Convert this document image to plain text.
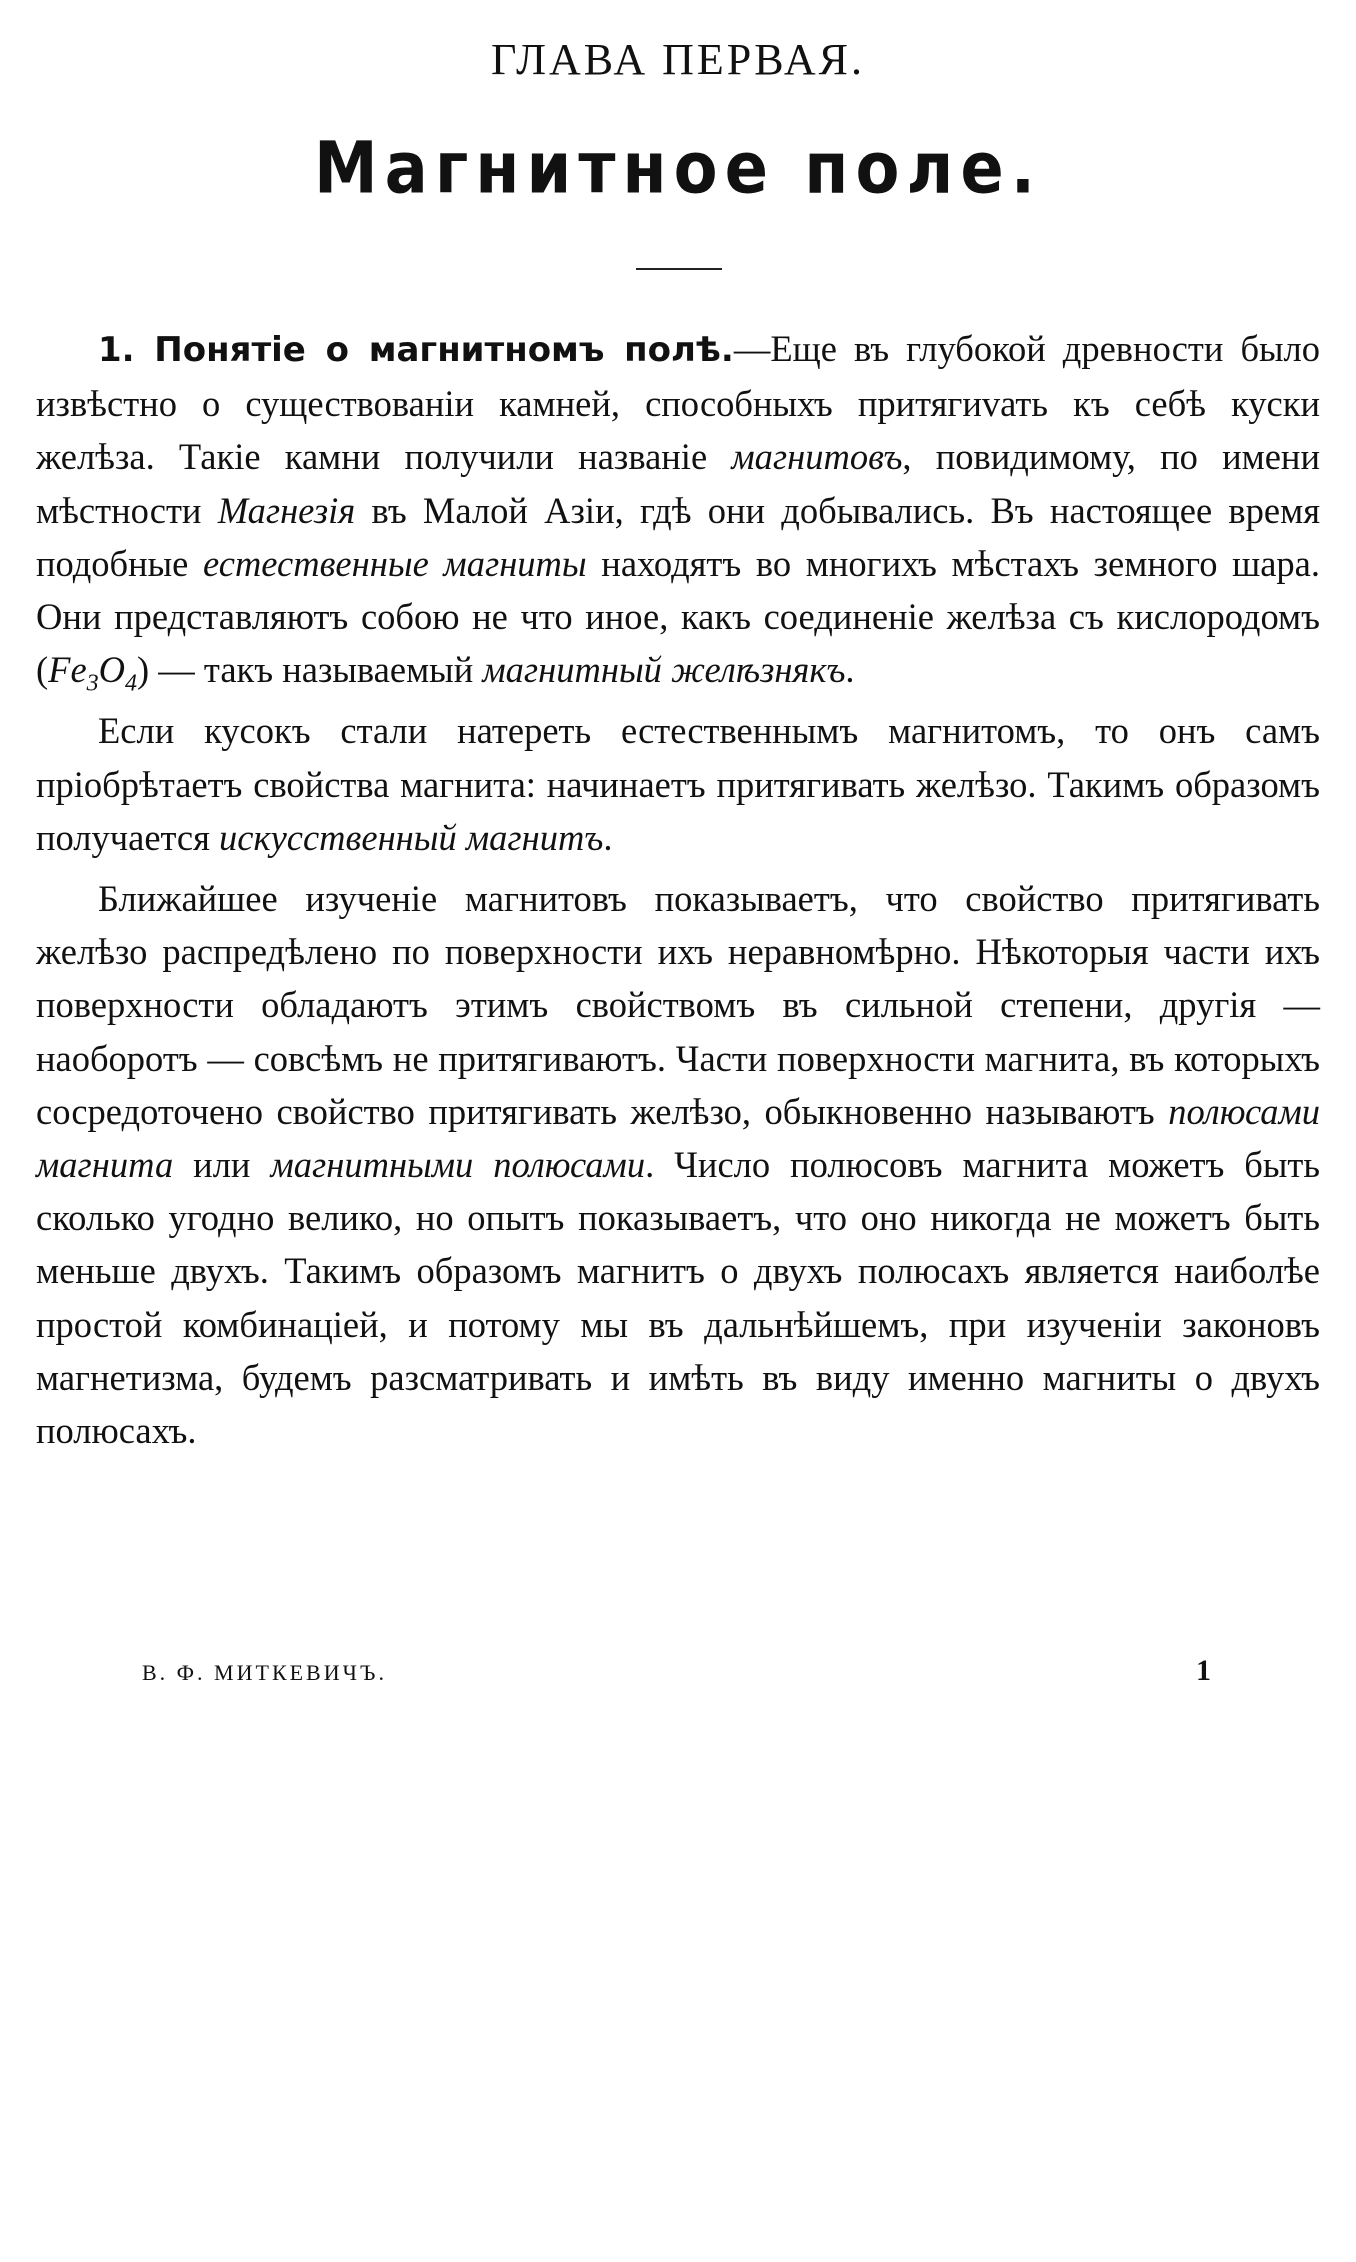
ГЛАВА ПЕРВАЯ.
Магнитное поле.

1. Понятiе о магнитномъ полѣ.—Еще въ глубокой древности было извѣстно о существованiи камней, способныхъ притягиvать къ себѣ куски желѣза. Такiе камни получили названiе магнитовъ, повидимому, по имени мѣстности Магнезiя въ Малой Азiи, гдѣ они добывались. Въ настоящее время подобные естественные магниты находятъ во многихъ мѣстахъ земного шара. Они представляютъ собою не что иное, какъ соединенiе желѣза съ кислородомъ $(Fe_3O_4)$ — такъ называемый магнитный желѣзнякъ.

Если кусокъ стали натереть естественнымъ магнитомъ, то онъ самъ прiобрѣтаетъ свойства магнита: начинаетъ притягивать желѣзо. Такимъ образомъ получается искусственный магнитъ.

Ближайшее изученiе магнитовъ показываетъ, что свойство притягивать желѣзо распредѣлено по поверхности ихъ неравномѣрно. Нѣкоторыя части ихъ поверхности обладаютъ этимъ свойствомъ въ сильной степени, другiя — наоборотъ — совсѣмъ не притягиваютъ. Части поверхности магнита, въ которыхъ сосредоточено свойство притягивать желѣзо, обыкновенно называютъ полюсами магнита или магнитными полюсами. Число полюсовъ магнита можетъ быть сколько угодно велико, но опытъ показываетъ, что оно никогда не можетъ быть меньше двухъ. Такимъ образомъ магнитъ о двухъ полюсахъ является наиболѣе простой комбинацiей, и потому мы въ дальнѣйшемъ, при изученiи законовъ магнетизма, будемъ разсматривать и имѣть въ виду именно магниты о двухъ полюсахъ.

В. Ф. МИТКЕВИЧЪ.	1
